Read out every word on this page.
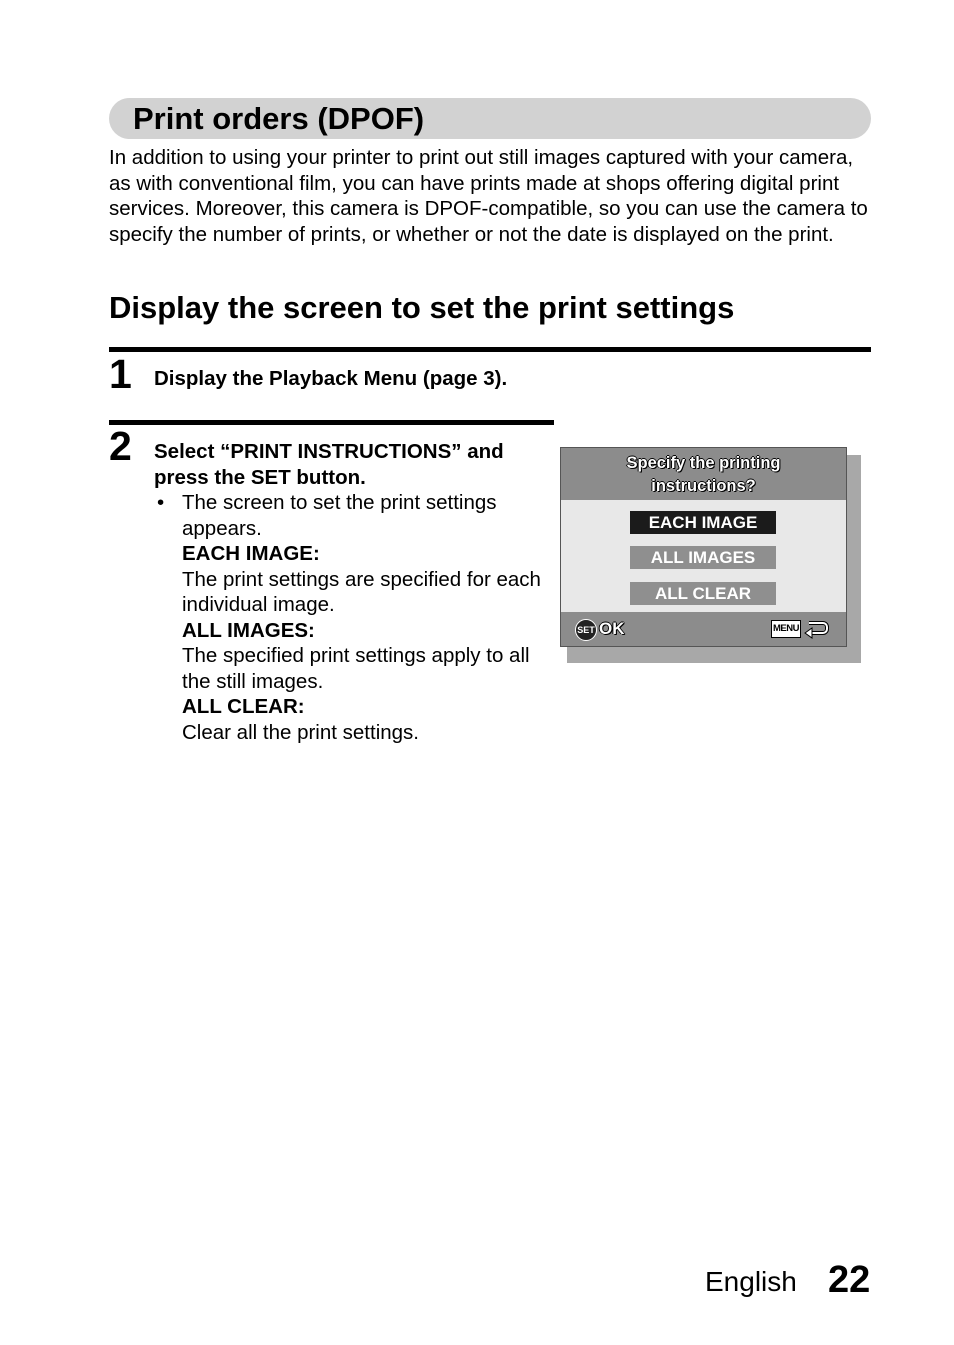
Print orders (DPOF)

In addition to using your printer to print out still images captured with your camera, as with conventional film, you can have prints made at shops offering digital print services. Moreover, this camera is DPOF-compatible, so you can use the camera to specify the number of prints, or whether or not the date is displayed on the print.

Display the screen to set the print settings
1 Display the Playback Menu (page 3).
2 Select “PRINT INSTRUCTIONS” and press the SET button.
• The screen to set the print settings appears.
EACH IMAGE:
The print settings are specified for each individual image.
ALL IMAGES:
The specified print settings apply to all the still images.
ALL CLEAR:
Clear all the print settings.
Specify the printing
instructions?
EACH IMAGE
ALL IMAGES
ALL CLEAR
SET OK	MENU
English 22
